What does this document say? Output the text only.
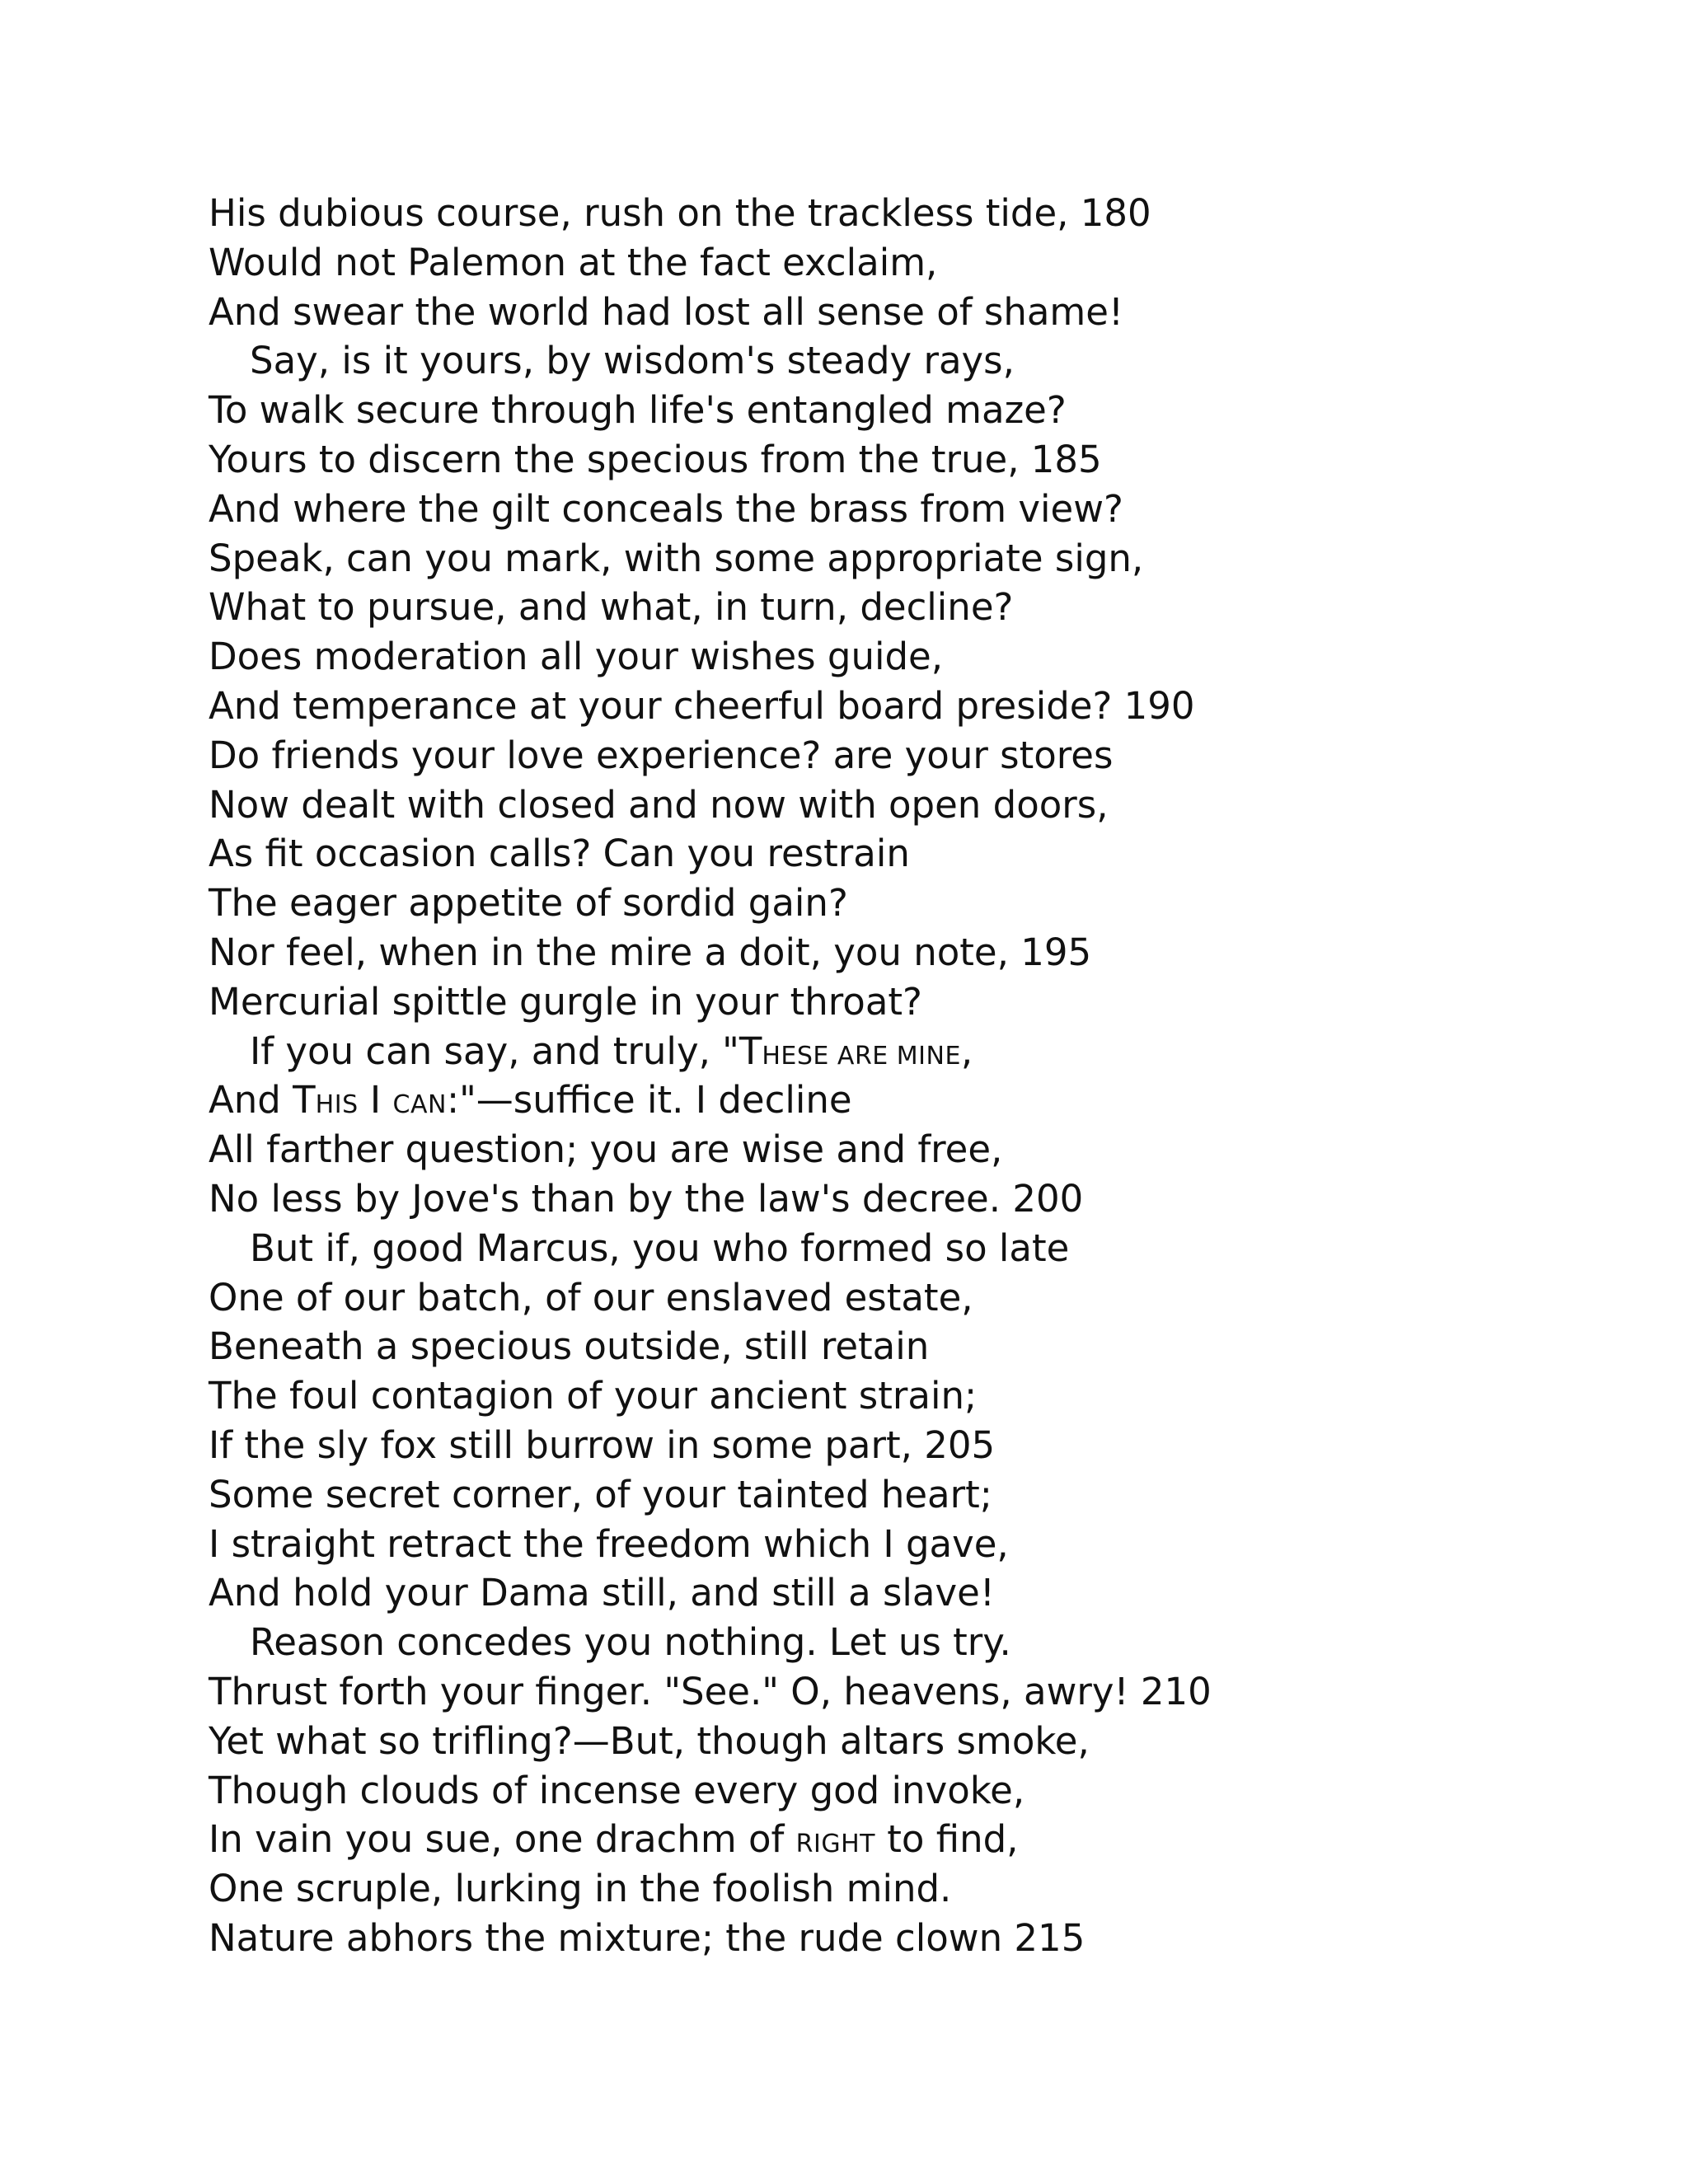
His dubious course, rush on the trackless tide, 180
Would not Palemon at the fact exclaim,
And swear the world had lost all sense of shame!
Say, is it yours, by wisdom's steady rays,
To walk secure through life's entangled maze?
Yours to discern the specious from the true, 185
And where the gilt conceals the brass from view?
Speak, can you mark, with some appropriate sign,
What to pursue, and what, in turn, decline?
Does moderation all your wishes guide,
And temperance at your cheerful board preside? 190
Do friends your love experience? are your stores
Now dealt with closed and now with open doors,
As fit occasion calls? Can you restrain
The eager appetite of sordid gain?
Nor feel, when in the mire a doit, you note, 195
Mercurial spittle gurgle in your throat?
If you can say, and truly, "THESE ARE MINE,
And THIS I CAN:"—suffice it. I decline
All farther question; you are wise and free,
No less by Jove's than by the law's decree. 200
But if, good Marcus, you who formed so late
One of our batch, of our enslaved estate,
Beneath a specious outside, still retain
The foul contagion of your ancient strain;
If the sly fox still burrow in some part, 205
Some secret corner, of your tainted heart;
I straight retract the freedom which I gave,
And hold your Dama still, and still a slave!
Reason concedes you nothing. Let us try.
Thrust forth your finger. "See." O, heavens, awry! 210
Yet what so trifling?—But, though altars smoke,
Though clouds of incense every god invoke,
In vain you sue, one drachm of RIGHT to find,
One scruple, lurking in the foolish mind.
Nature abhors the mixture; the rude clown 215
